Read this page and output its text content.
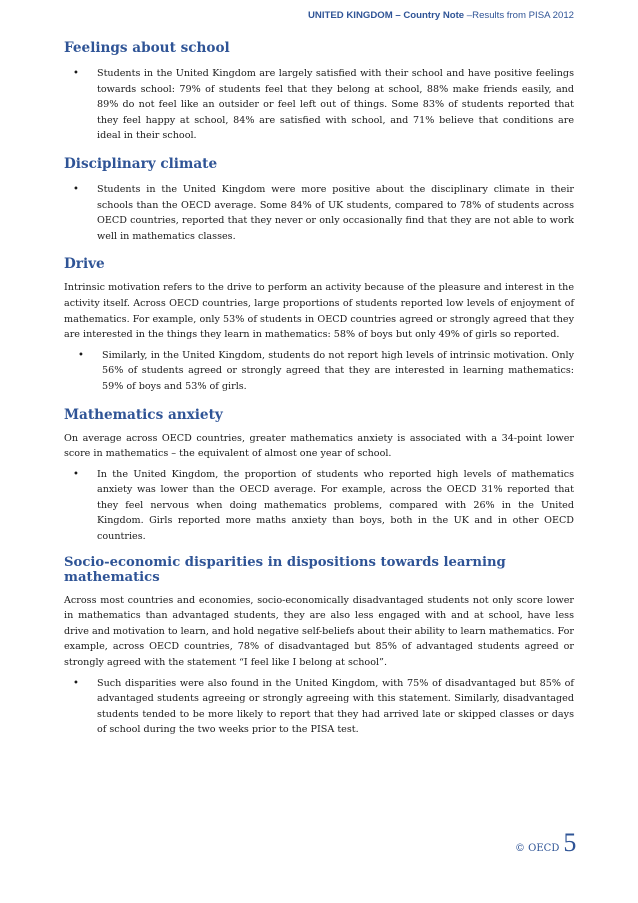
UNITED KINGDOM – Country Note –Results from PISA 2012
Feelings about school
• Students in the United Kingdom are largely satisfied with their school and have positive feelings towards school: 79% of students feel that they belong at school, 88% make friends easily, and 89% do not feel like an outsider or feel left out of things. Some 83% of students reported that they feel happy at school, 84% are satisfied with school, and 71% believe that conditions are ideal in their school.
Disciplinary climate
• Students in the United Kingdom were more positive about the disciplinary climate in their schools than the OECD average. Some 84% of UK students, compared to 78% of students across OECD countries, reported that they never or only occasionally find that they are not able to work well in mathematics classes.
Drive

Intrinsic motivation refers to the drive to perform an activity because of the pleasure and interest in the activity itself. Across OECD countries, large proportions of students reported low levels of enjoyment of mathematics. For example, only 53% of students in OECD countries agreed or strongly agreed that they are interested in the things they learn in mathematics: 58% of boys but only 49% of girls so reported.

• Similarly, in the United Kingdom, students do not report high levels of intrinsic motivation. Only 56% of students agreed or strongly agreed that they are interested in learning mathematics: 59% of boys and 53% of girls.
Mathematics anxiety

On average across OECD countries, greater mathematics anxiety is associated with a 34-point lower score in mathematics – the equivalent of almost one year of school.

• In the United Kingdom, the proportion of students who reported high levels of mathematics anxiety was lower than the OECD average. For example, across the OECD 31% reported that they feel nervous when doing mathematics problems, compared with 26% in the United Kingdom. Girls reported more maths anxiety than boys, both in the UK and in other OECD countries.
Socio-economic disparities in dispositions towards learning mathematics

Across most countries and economies, socio-economically disadvantaged students not only score lower in mathematics than advantaged students, they are also less engaged with and at school, have less drive and motivation to learn, and hold negative self-beliefs about their ability to learn mathematics. For example, across OECD countries, 78% of disadvantaged but 85% of advantaged students agreed or strongly agreed with the statement “I feel like I belong at school”.

• Such disparities were also found in the United Kingdom, with 75% of disadvantaged but 85% of advantaged students agreeing or strongly agreeing with this statement. Similarly, disadvantaged students tended to be more likely to report that they had arrived late or skipped classes or days of school during the two weeks prior to the PISA test.
© OECD 5
